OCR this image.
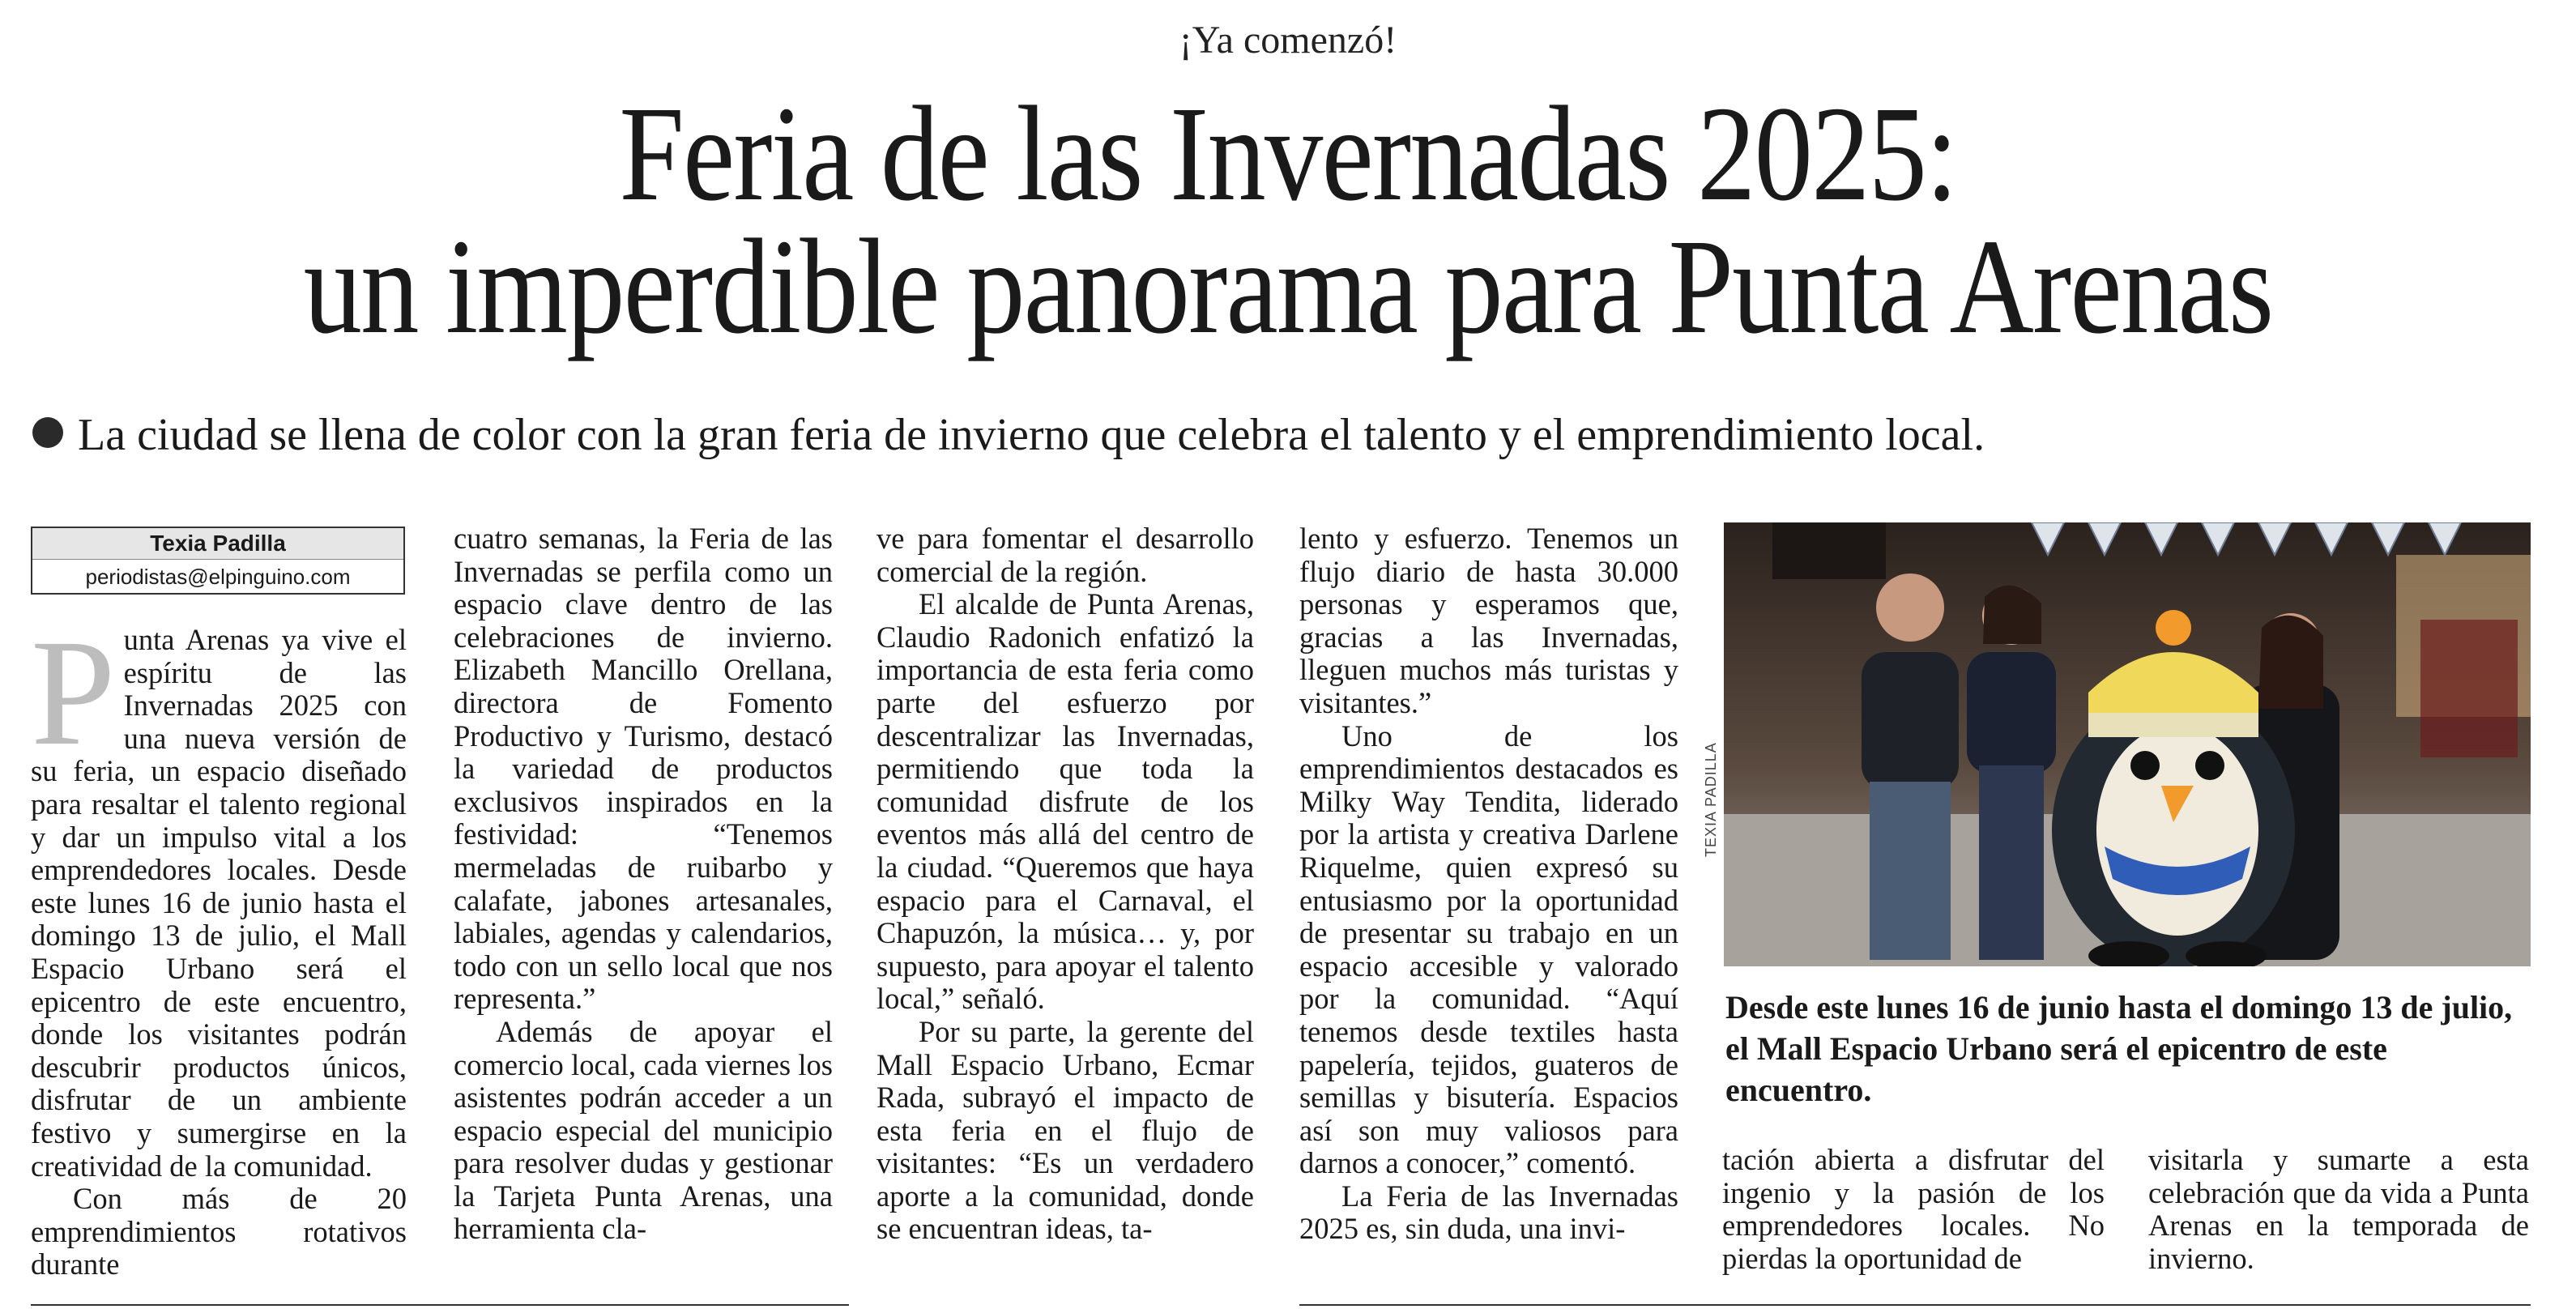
¡Ya comenzó!
Feria de las Invernadas 2025:
un imperdible panorama para Punta Arenas
La ciudad se llena de color con la gran feria de invierno que celebra el talento y el emprendimiento local.
Texia Padilla
periodistas@elpinguino.com

Punta Arenas ya vive el espíritu de las Invernadas 2025 con una nueva versión de su feria, un espacio diseñado para resaltar el talento regional y dar un impulso vital a los emprendedores locales. Desde este lunes 16 de junio hasta el domingo 13 de julio, el Mall Espacio Urbano será el epicentro de este encuentro, donde los visitantes podrán descubrir productos únicos, disfrutar de un ambiente festivo y sumergirse en la creatividad de la comunidad.

Con más de 20 emprendimientos rotativos durante

cuatro semanas, la Feria de las Invernadas se perfila como un espacio clave dentro de las celebraciones de invierno. Elizabeth Mancillo Orellana, directora de Fomento Productivo y Turismo, destacó la variedad de productos exclusivos inspirados en la festividad: “Tenemos mermeladas de ruibarbo y calafate, jabones artesanales, labiales, agendas y calendarios, todo con un sello local que nos representa.”

Además de apoyar el comercio local, cada viernes los asistentes podrán acceder a un espacio especial del municipio para resolver dudas y gestionar la Tarjeta Punta Arenas, una herramienta cla-

ve para fomentar el desarrollo comercial de la región.

El alcalde de Punta Arenas, Claudio Radonich enfatizó la importancia de esta feria como parte del esfuerzo por descentralizar las Invernadas, permitiendo que toda la comunidad disfrute de los eventos más allá del centro de la ciudad. “Queremos que haya espacio para el Carnaval, el Chapuzón, la música… y, por supuesto, para apoyar el talento local,” señaló.

Por su parte, la gerente del Mall Espacio Urbano, Ecmar Rada, subrayó el impacto de esta feria en el flujo de visitantes: “Es un verdadero aporte a la comunidad, donde se encuentran ideas, ta-

lento y esfuerzo. Tenemos un flujo diario de hasta 30.000 personas y esperamos que, gracias a las Invernadas, lleguen muchos más turistas y visitantes.”

Uno de los emprendimientos destacados es Milky Way Tendita, liderado por la artista y creativa Darlene Riquelme, quien expresó su entusiasmo por la oportunidad de presentar su trabajo en un espacio accesible y valorado por la comunidad. “Aquí tenemos desde textiles hasta papelería, tejidos, guateros de semillas y bisutería. Espacios así son muy valiosos para darnos a conocer,” comentó.

La Feria de las Invernadas 2025 es, sin duda, una invi-

TEXIA PADILLA
Desde este lunes 16 de junio hasta el domingo 13 de julio, el Mall Espacio Urbano será el epicentro de este encuentro.

tación abierta a disfrutar del ingenio y la pasión de los emprendedores locales. No pierdas la oportunidad de

visitarla y sumarte a esta celebración que da vida a Punta Arenas en la temporada de invierno.
